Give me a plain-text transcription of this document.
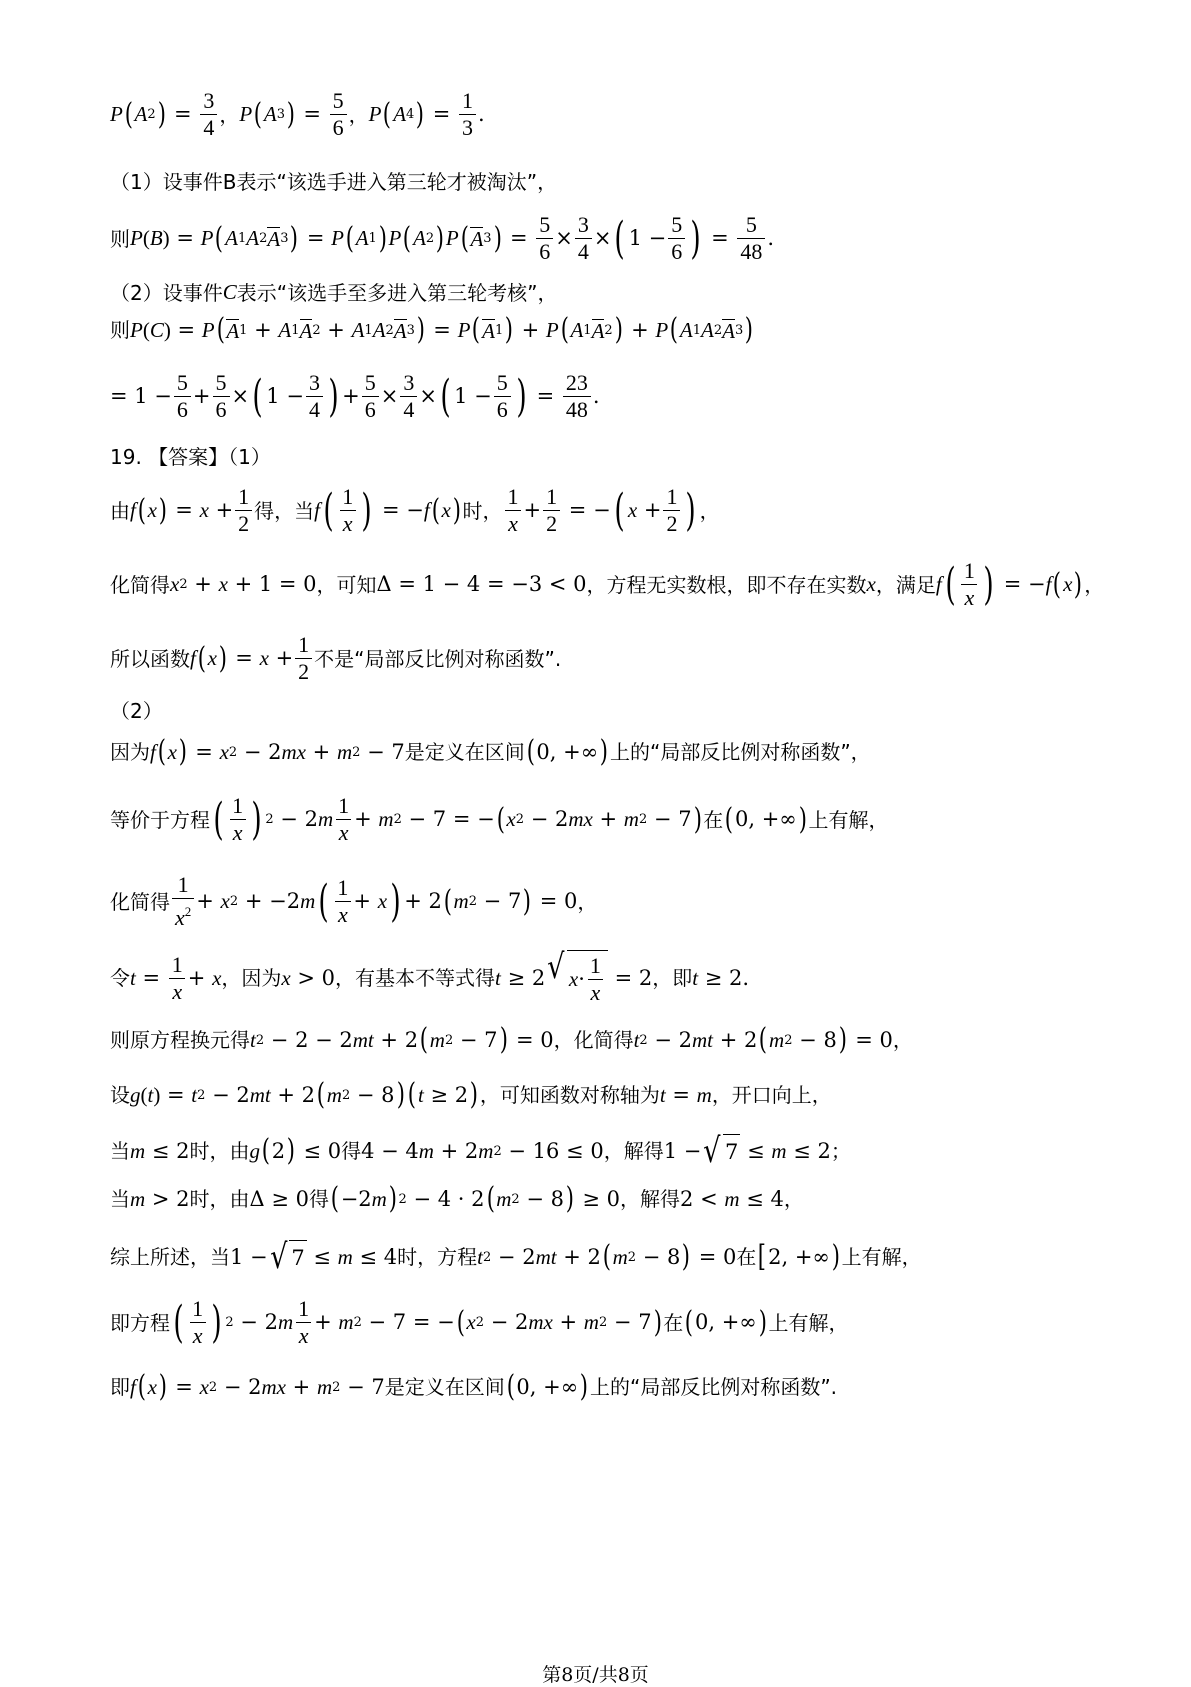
P ( A 2 ) = $\frac{3}{4}$ ， P ( A 3 ) = $\frac{5}{6}$ ， P ( A 4 ) = $\frac{1}{3}$ .
（1）设事件B表示“该选手进入第三轮才被淘汰”，
则 P ( B ) = P ( A 1 A 2 A 3 ) = P ( A 1 ) P ( A 2 ) P ( A 3 ) = $\frac{5}{6} \times \frac{3}{4}$ × ( $1 - \frac{5}{6}$ ) = $\frac{5}{48}$ .
（2）设事件 C 表示“该选手至多进入第三轮考核”，
则 P ( C ) = P ( A 1 + A 1 A 2 + A 1 A 2 A 3 ) = P ( A 1 ) + P ( A 1 A 2 ) + P ( A 1 A 2 A 3 )
= $1 - \frac{5}{6} + \frac{5}{6}$ × ( $1 - \frac{3}{4}$ ) + $\frac{5}{6} \times \frac{3}{4}$ × ( $1 - \frac{5}{6}$ ) = $\frac{23}{48}$ .
19. 【答案】（1）
由 f ( x ) = $x + \frac{1}{2}$ 得，当 f ( $\frac{1}{x}$ ) = − f ( x ) 时， $\frac{1}{x} + \frac{1}{2}$ = − ( $x + \frac{1}{2}$ ) ，
化简得 x 2 + x + 1 = 0 ，可知 Δ = 1 − 4 = −3 < 0 ，方程无实数根，即不存在实数 x ，满足 f ( $\frac{1}{x}$ ) = − f ( x ) ，
所以函数 f ( x ) = $x + \frac{1}{2}$ 不是“局部反比例对称函数”.
（2）
因为 f ( x ) = x 2 − 2 mx + m 2 − 7 是定义在区间 ( 0, +∞ ) 上的“局部反比例对称函数”，
等价于方程 ( $\frac{1}{x}$ ) 2 − 2 m $\frac{1}{x} + m$ 2 − 7 = − ( x 2 − 2 mx + m 2 − 7 ) 在 ( 0, +∞ ) 上有解，
化简得 $\frac{1}{x^2} + x$ 2 + −2 m ( $\frac{1}{x} + x$ ) + 2 ( m 2 − 7 ) = 0 ，
令 $t = \frac{1}{x} + x$ ，因为 x > 0 ，有基本不等式得 t ≥ 2 √ $x \cdot \frac{1}{x} = 2$ ，即 t ≥ 2.
则原方程换元得 t 2 − 2 − 2 mt + 2 ( m 2 − 7 ) = 0 ，化简得 t 2 − 2 mt + 2 ( m 2 − 8 ) = 0 ，
设 g ( t ) = t 2 − 2 mt + 2 ( m 2 − 8 ) ( t ≥ 2 ) ，可知函数对称轴为 t = m ，开口向上，
当 m ≤ 2 时，由 g ( 2 ) ≤ 0 得 4 − 4 m + 2 m 2 − 16 ≤ 0 ，解得 1 − √ 7 ≤ m ≤ 2 ；
当 m > 2 时，由 Δ ≥ 0 得 ( −2 m ) 2 − 4 · 2 ( m 2 − 8 ) ≥ 0 ，解得 2 < m ≤ 4 ，
综上所述，当 1 − √ 7 ≤ m ≤ 4 时，方程 t 2 − 2 mt + 2 ( m 2 − 8 ) = 0 在 [ 2, +∞ ) 上有解，
即方程 ( $\frac{1}{x}$ ) 2 − 2 m $\frac{1}{x} + m$ 2 − 7 = − ( x 2 − 2 mx + m 2 − 7 ) 在 ( 0, +∞ ) 上有解，
即 f ( x ) = x 2 − 2 mx + m 2 − 7 是定义在区间 ( 0, +∞ ) 上的“局部反比例对称函数”.
第8页/共8页
